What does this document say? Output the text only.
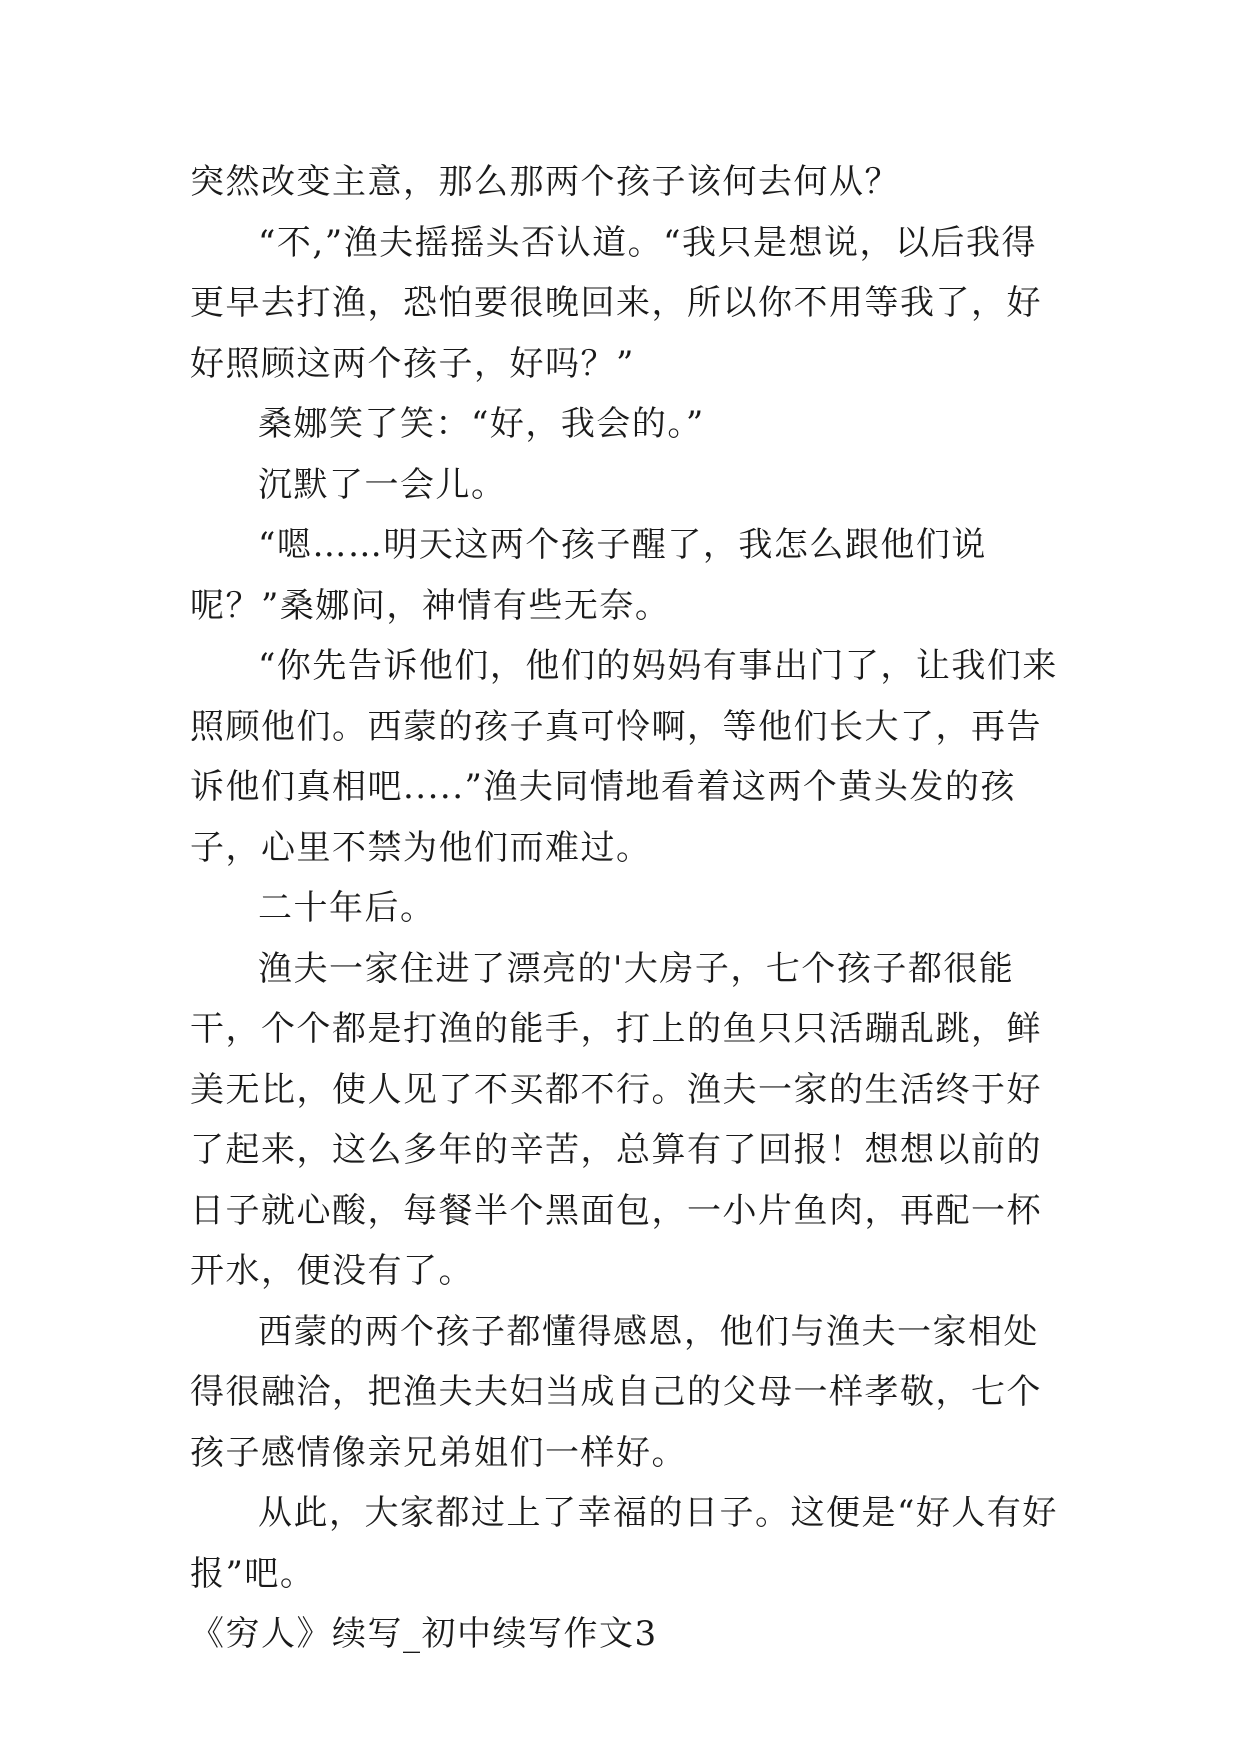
突然改变主意，那么那两个孩子该何去何从？

“不,”渔夫摇摇头否认道。“我只是想说，以后我得更早去打渔，恐怕要很晚回来，所以你不用等我了，好好照顾这两个孩子，好吗？”

桑娜笑了笑：“好，我会的。”

沉默了一会儿。

“嗯……明天这两个孩子醒了，我怎么跟他们说呢？”桑娜问，神情有些无奈。

“你先告诉他们，他们的妈妈有事出门了，让我们来照顾他们。西蒙的孩子真可怜啊，等他们长大了，再告诉他们真相吧.....”渔夫同情地看着这两个黄头发的孩子，心里不禁为他们而难过。

二十年后。

渔夫一家住进了漂亮的'大房子，七个孩子都很能干，个个都是打渔的能手，打上的鱼只只活蹦乱跳，鲜美无比，使人见了不买都不行。渔夫一家的生活终于好了起来，这么多年的辛苦，总算有了回报！想想以前的日子就心酸，每餐半个黑面包，一小片鱼肉，再配一杯开水，便没有了。

西蒙的两个孩子都懂得感恩，他们与渔夫一家相处得很融洽，把渔夫夫妇当成自己的父母一样孝敬，七个孩子感情像亲兄弟姐们一样好。

从此，大家都过上了幸福的日子。这便是“好人有好报”吧。

《穷人》续写_初中续写作文3
